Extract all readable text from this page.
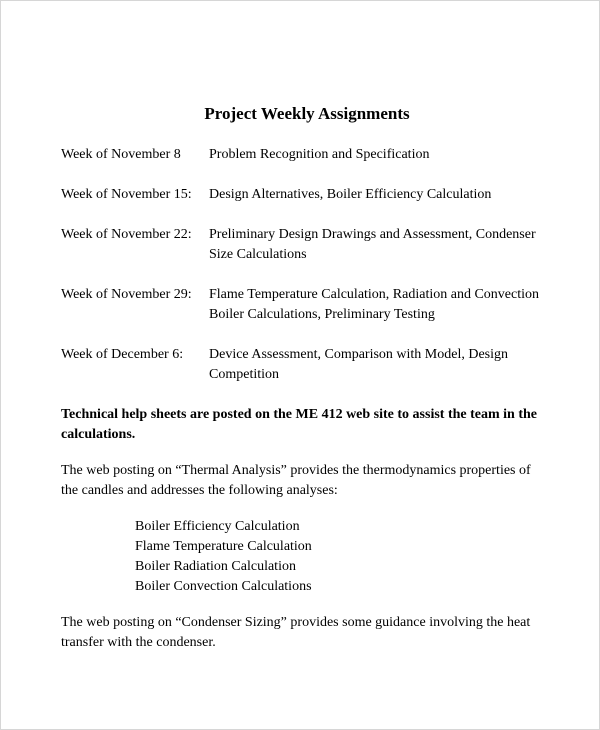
Project Weekly Assignments
Week of November 8	Problem Recognition and Specification
Week of November 15:	Design Alternatives, Boiler Efficiency Calculation
Week of November 22:	Preliminary Design Drawings and Assessment, Condenser
Size Calculations
Week of November 29:	Flame Temperature Calculation, Radiation and Convection
Boiler Calculations, Preliminary Testing
Week of December 6:	Device Assessment, Comparison with Model, Design
Competition

Technical help sheets are posted on the ME 412 web site to assist the team in the
calculations.

The web posting on “Thermal Analysis” provides the thermodynamics properties of
the candles and addresses the following analyses:

Boiler Efficiency Calculation
Flame Temperature Calculation
Boiler Radiation Calculation
Boiler Convection Calculations

The web posting on “Condenser Sizing” provides some guidance involving the heat
transfer with the condenser.
